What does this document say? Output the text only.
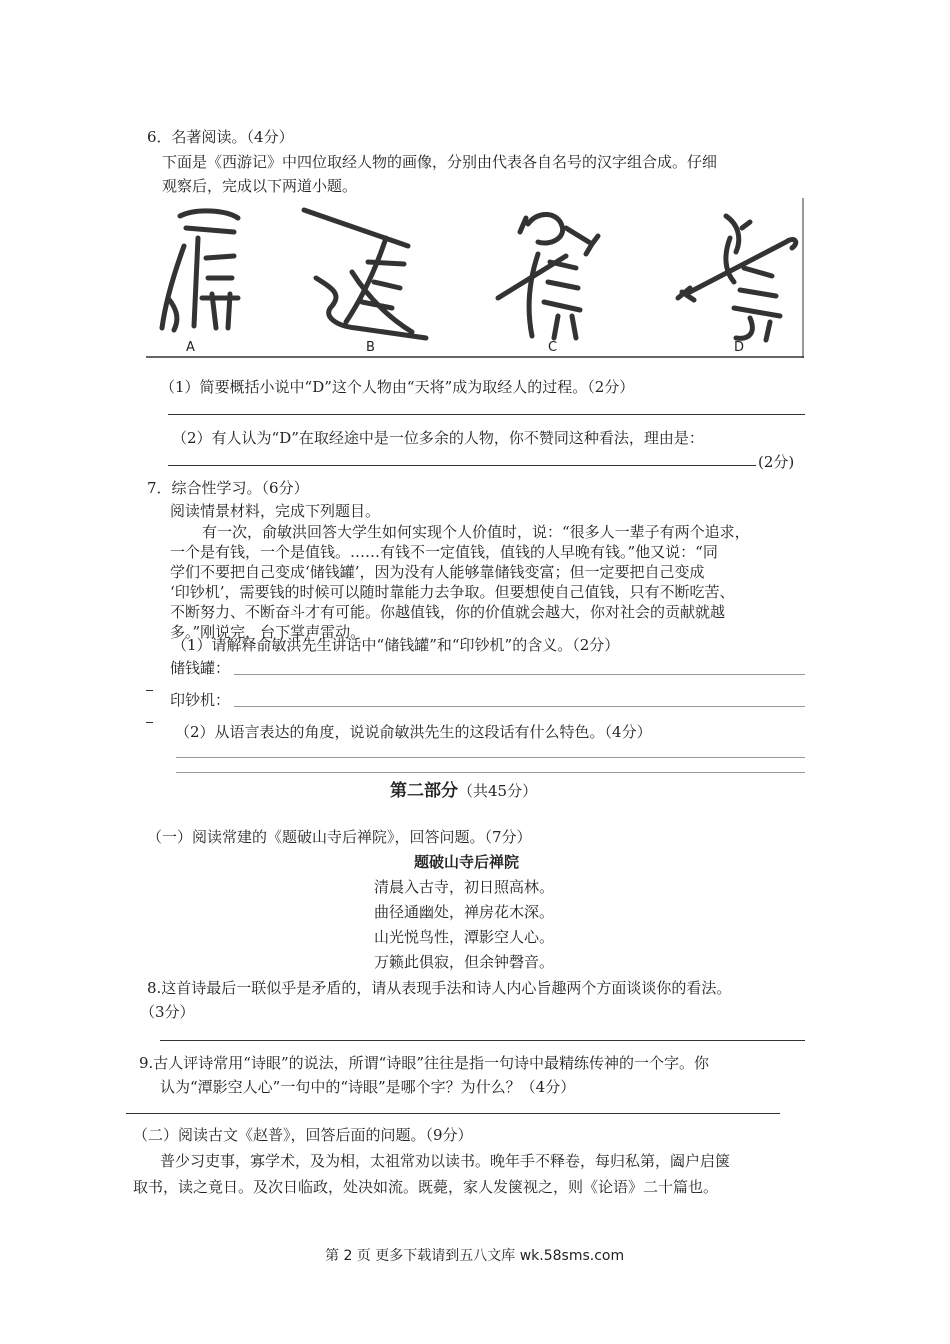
6．名著阅读。（4分）
下面是《西游记》中四位取经人物的画像，分别由代表各自名号的汉字组合成。仔细
观察后，完成以下两道小题。
A	B	C	D
（1）简要概括小说中“D”这个人物由“天将”成为取经人的过程。（2分）
（2）有人认为“D”在取经途中是一位多余的人物，你不赞同这种看法，理由是：
(2分)
7．综合性学习。（6分）
阅读情景材料，完成下列题目。
有一次，俞敏洪回答大学生如何实现个人价值时，说：“很多人一辈子有两个追求，
一个是有钱，一个是值钱。……有钱不一定值钱，值钱的人早晚有钱。”他又说：“同
学们不要把自己变成‘储钱罐’，因为没有人能够靠储钱变富；但一定要把自己变成
‘印钞机’，需要钱的时候可以随时靠能力去争取。但要想使自己值钱，只有不断吃苦、
不断努力、不断奋斗才有可能。你越值钱，你的价值就会越大，你对社会的贡献就越
多。”刚说完，台下掌声雷动。
（1）请解释俞敏洪先生讲话中“储钱罐”和“印钞机”的含义。（2分）
储钱罐：
印钞机：
（2）从语言表达的角度，说说俞敏洪先生的这段话有什么特色。（4分）
第二部分（共45分）
（一）阅读常建的《题破山寺后禅院》，回答问题。（7分）
题破山寺后禅院
清晨入古寺，初日照高林。
曲径通幽处，禅房花木深。
山光悦鸟性，潭影空人心。
万籁此俱寂，但余钟磬音。
8.这首诗最后一联似乎是矛盾的，请从表现手法和诗人内心旨趣两个方面谈谈你的看法。
（3分）
9.古人评诗常用“诗眼”的说法，所谓“诗眼”往往是指一句诗中最精练传神的一个字。你
认为“潭影空人心”一句中的“诗眼”是哪个字？为什么？（4分）
（二）阅读古文《赵普》，回答后面的问题。（9分）
普少习吏事，寡学术，及为相，太祖常劝以读书。晚年手不释卷，每归私第，阖户启箧
取书，读之竟日。及次日临政，处决如流。既薨，家人发箧视之，则《论语》二十篇也。
第 2 页 更多下载请到五八文库 wk.58sms.com
